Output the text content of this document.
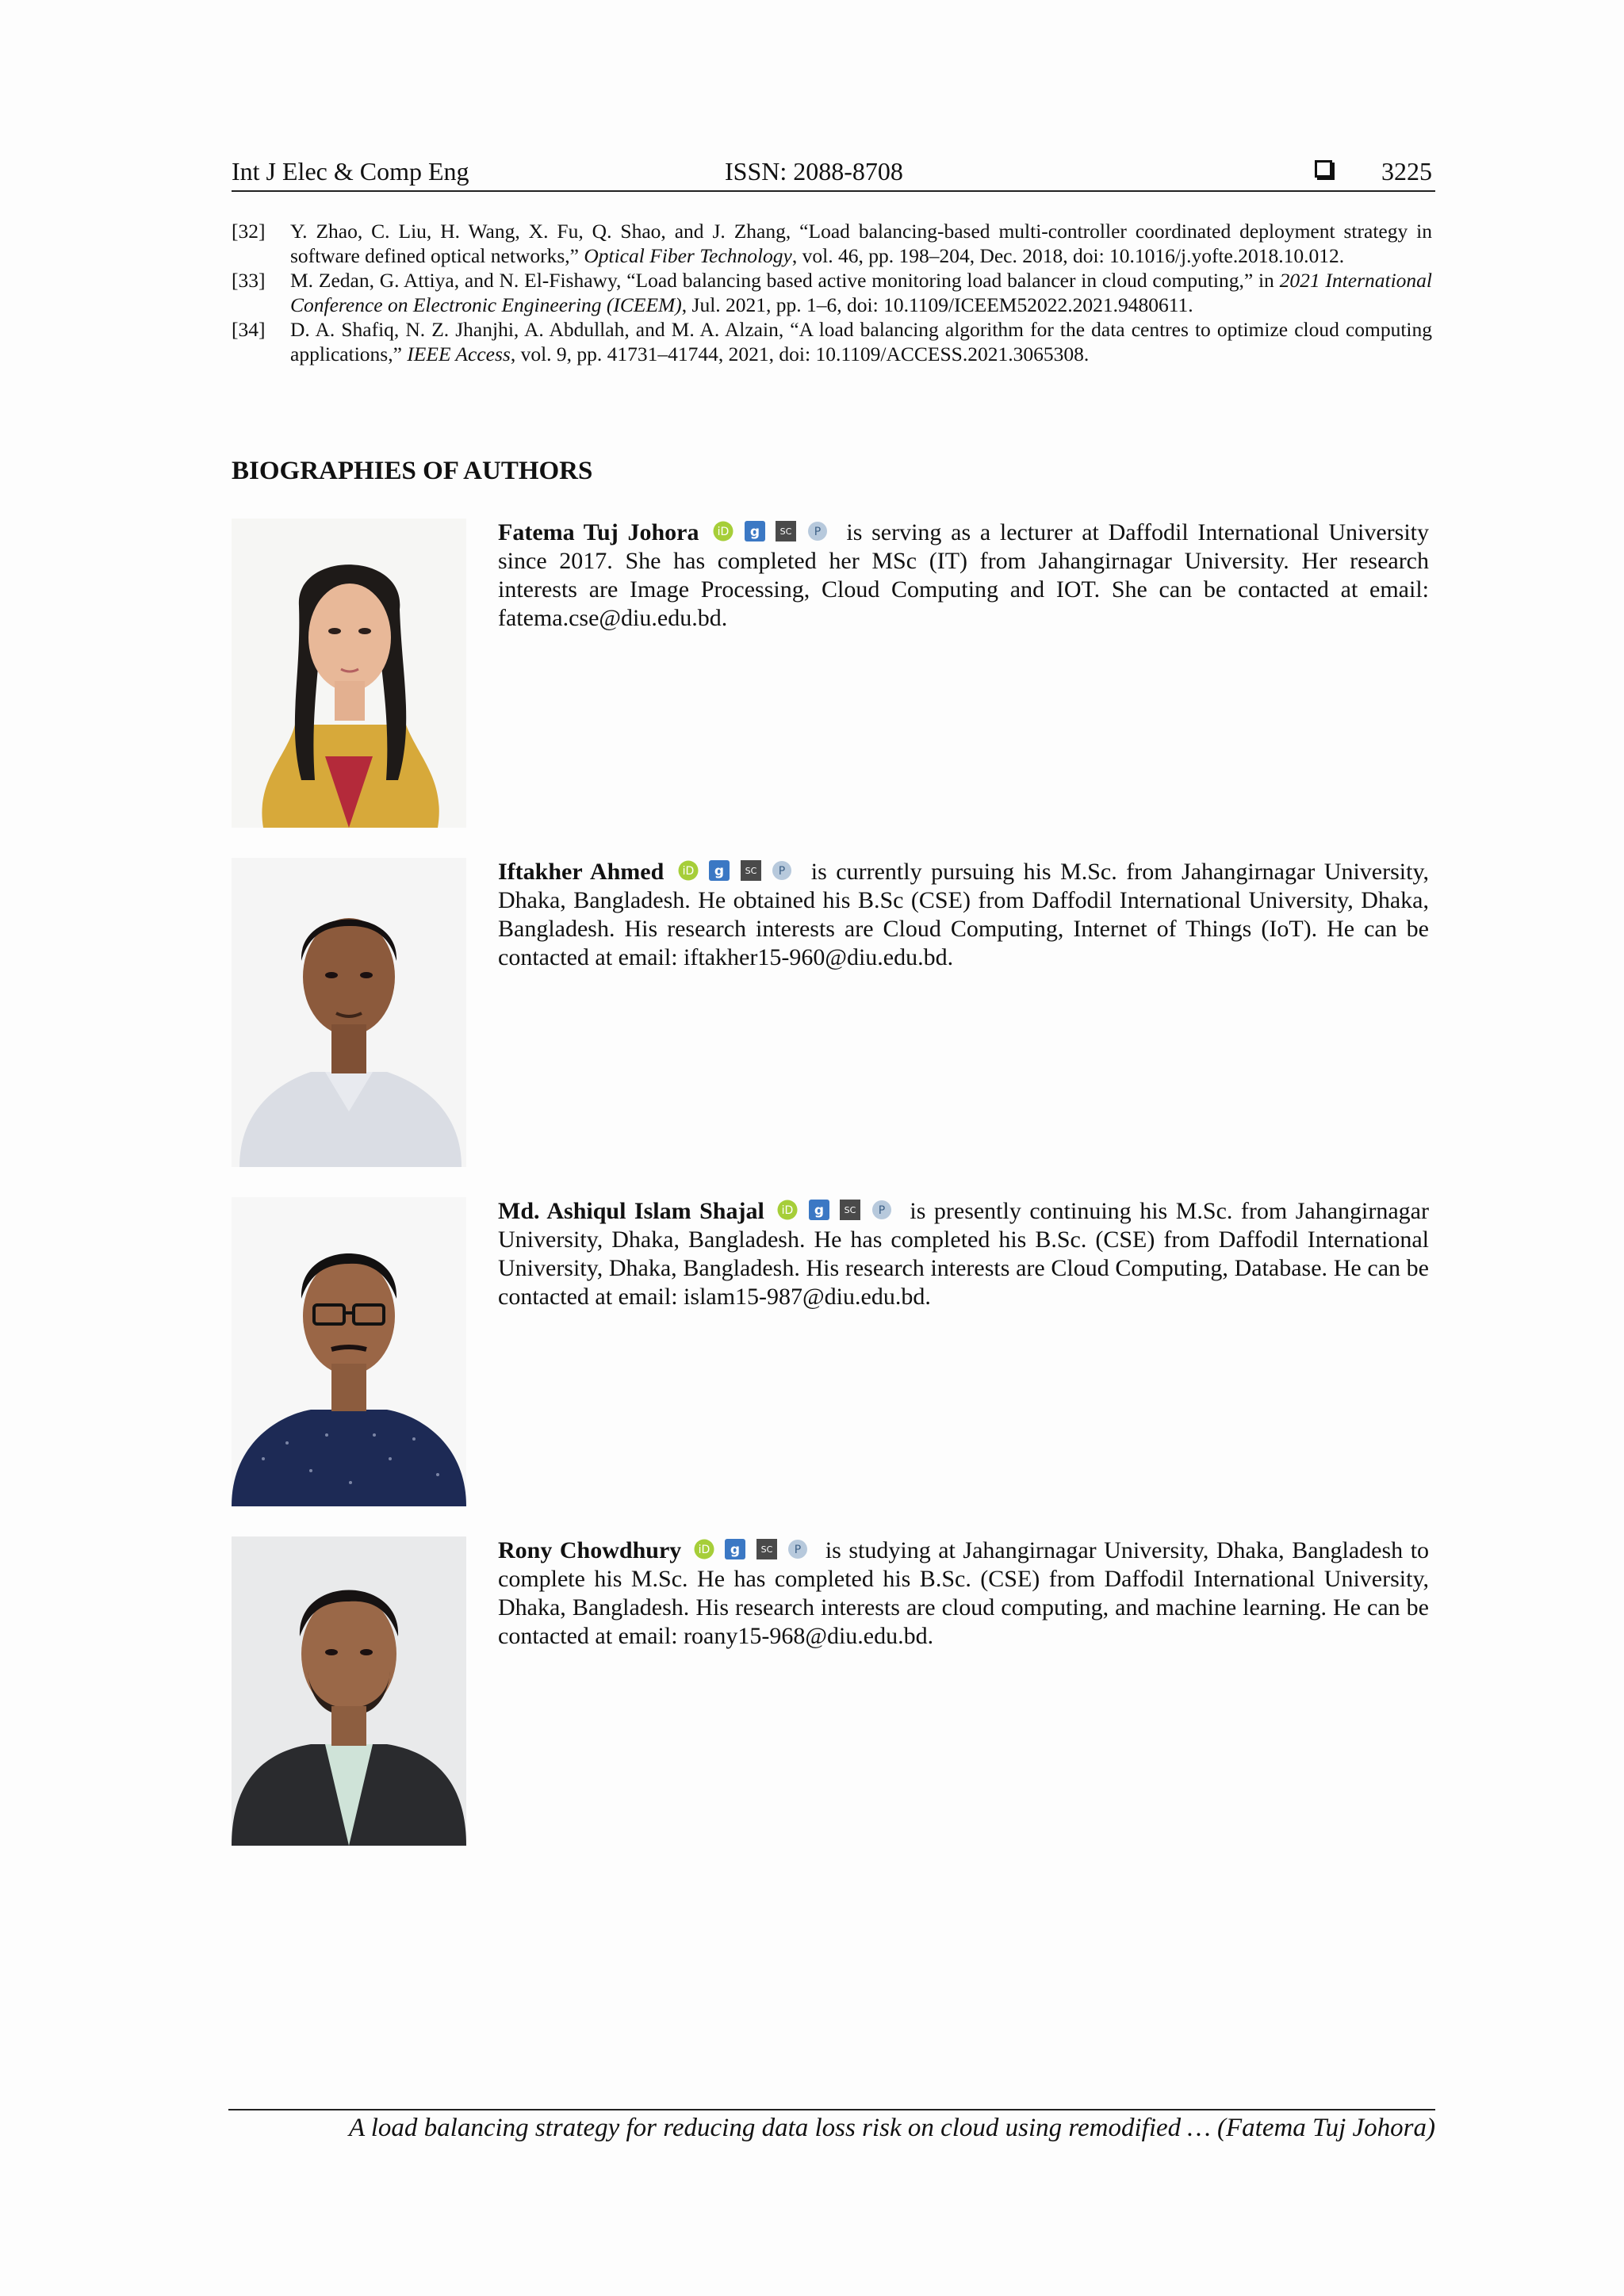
Int J Elec & Comp Eng	ISSN: 2088-8708	3225
[32] Y. Zhao, C. Liu, H. Wang, X. Fu, Q. Shao, and J. Zhang, “Load balancing-based multi-controller coordinated deployment strategy in software defined optical networks,” Optical Fiber Technology, vol. 46, pp. 198–204, Dec. 2018, doi: 10.1016/j.yofte.2018.10.012.
[33] M. Zedan, G. Attiya, and N. El-Fishawy, “Load balancing based active monitoring load balancer in cloud computing,” in 2021 International Conference on Electronic Engineering (ICEEM), Jul. 2021, pp. 1–6, doi: 10.1109/ICEEM52022.2021.9480611.
[34] D. A. Shafiq, N. Z. Jhanjhi, A. Abdullah, and M. A. Alzain, “A load balancing algorithm for the data centres to optimize cloud computing applications,” IEEE Access, vol. 9, pp. 41731–41744, 2021, doi: 10.1109/ACCESS.2021.3065308.
BIOGRAPHIES OF AUTHORS
Fatema Tuj Johora iD
g
SC
P is serving as a lecturer at Daffodil International University since 2017. She has completed her MSc (IT) from Jahangirnagar University. Her research interests are Image Processing, Cloud Computing and IOT. She can be contacted at email: fatema.cse@diu.edu.bd.
Iftakher Ahmed iD
g
SC
P is currently pursuing his M.Sc. from Jahangirnagar University, Dhaka, Bangladesh. He obtained his B.Sc (CSE) from Daffodil International University, Dhaka, Bangladesh. His research interests are Cloud Computing, Internet of Things (IoT). He can be contacted at email: iftakher15-960@diu.edu.bd.
Md. Ashiqul Islam Shajal iD
g
SC
P is presently continuing his M.Sc. from Jahangirnagar University, Dhaka, Bangladesh. He has completed his B.Sc. (CSE) from Daffodil International University, Dhaka, Bangladesh. His research interests are Cloud Computing, Database. He can be contacted at email: islam15-987@diu.edu.bd.
Rony Chowdhury iD
g
SC
P is studying at Jahangirnagar University, Dhaka, Bangladesh to complete his M.Sc. He has completed his B.Sc. (CSE) from Daffodil International University, Dhaka, Bangladesh. His research interests are cloud computing, and machine learning. He can be contacted at email: roany15-968@diu.edu.bd.
A load balancing strategy for reducing data loss risk on cloud using remodified … (Fatema Tuj Johora)
